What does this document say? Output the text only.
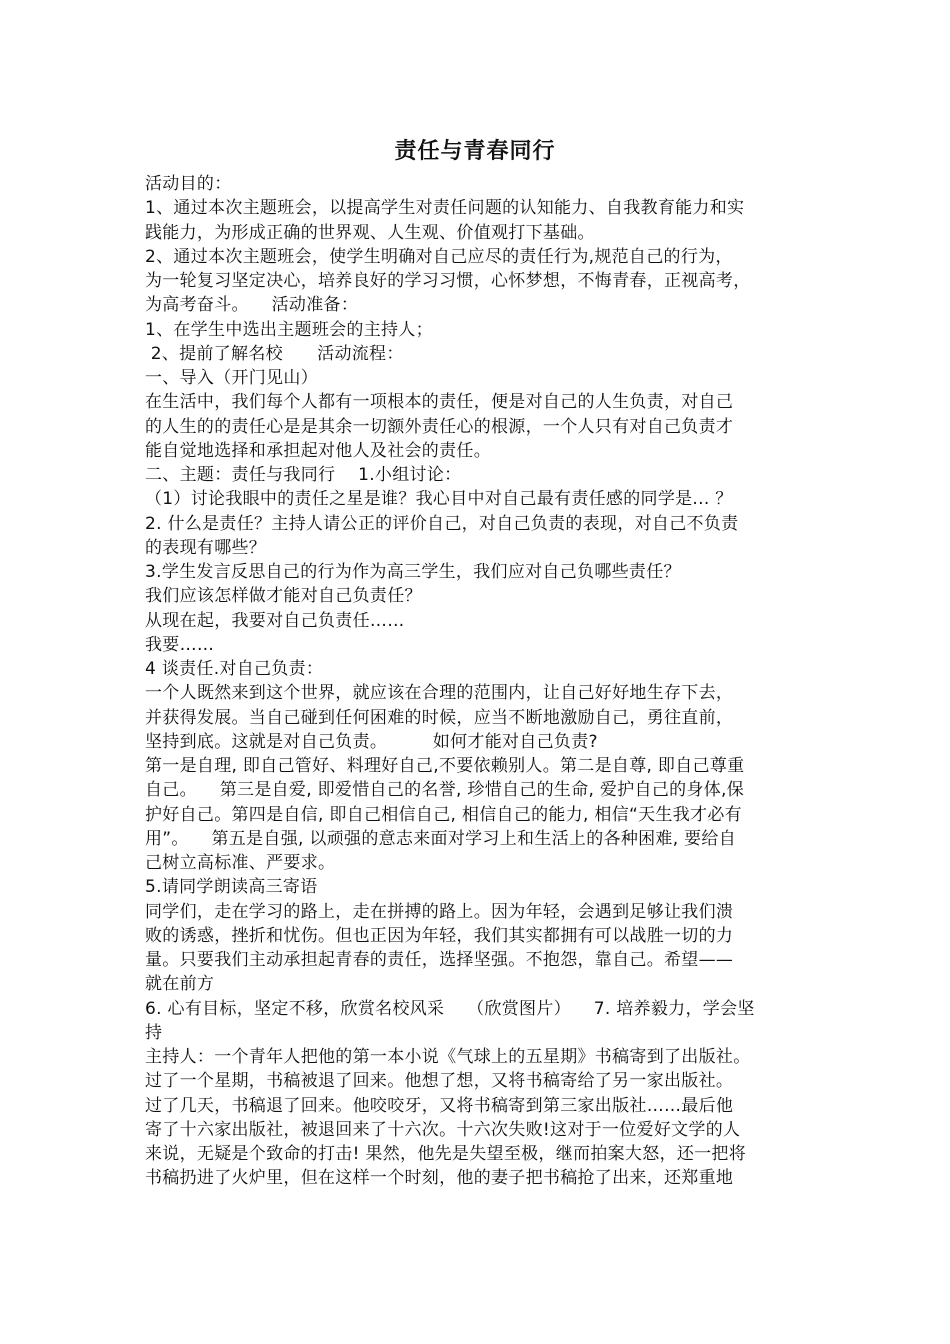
责任与青春同行
活动目的：
1、通过本次主题班会，以提高学生对责任问题的认知能力、自我教育能力和实
践能力，为形成正确的世界观、人生观、价值观打下基础。
2、通过本次主题班会，使学生明确对自己应尽的责任行为,规范自己的行为，
为一轮复习坚定决心，培养良好的学习习惯，心怀梦想，不悔青春，正视高考，
为高考奋斗。    活动准备：
1、在学生中选出主题班会的主持人；
2、提前了解名校      活动流程：
一、导入（开门见山）
在生活中，我们每个人都有一项根本的责任，便是对自己的人生负责，对自己
的人生的的责任心是是其余一切额外责任心的根源，一个人只有对自己负责才
能自觉地选择和承担起对他人及社会的责任。
二、主题：责任与我同行    1.小组讨论：
（1）讨论我眼中的责任之星是谁？我心目中对自己最有责任感的同学是... ？
2. 什么是责任？主持人请公正的评价自己，对自己负责的表现，对自己不负责
的表现有哪些？
3.学生发言反思自己的行为作为高三学生，我们应对自己负哪些责任？
我们应该怎样做才能对自己负责任？
从现在起，我要对自己负责任……
我要……
4 谈责任.对自己负责：
一个人既然来到这个世界，就应该在合理的范围内，让自己好好地生存下去，
并获得发展。当自己碰到任何困难的时候，应当不断地激励自己，勇往直前，
坚持到底。这就是对自己负责。        如何才能对自己负责?
第一是自理, 即自己管好、料理好自己,不要依赖别人。第二是自尊, 即自己尊重
自己。    第三是自爱, 即爱惜自己的名誉, 珍惜自己的生命, 爱护自己的身体,保
护好自己。第四是自信, 即自己相信自己, 相信自己的能力, 相信“天生我才必有
用”。    第五是自强, 以顽强的意志来面对学习上和生活上的各种困难, 要给自
己树立高标准、严要求。
5.请同学朗读高三寄语
同学们，走在学习的路上，走在拼搏的路上。因为年轻，会遇到足够让我们溃
败的诱惑，挫折和忧伤。但也正因为年轻，我们其实都拥有可以战胜一切的力
量。只要我们主动承担起青春的责任，选择坚强。不抱怨，靠自己。希望——
就在前方
6. 心有目标，坚定不移，欣赏名校风采    （欣赏图片）    7. 培养毅力，学会坚
持
主持人：一个青年人把他的第一本小说《气球上的五星期》书稿寄到了出版社。
过了一个星期，书稿被退了回来。他想了想，又将书稿寄给了另一家出版社。
过了几天，书稿退了回来。他咬咬牙，又将书稿寄到第三家出版社……最后他
寄了十六家出版社，被退回来了十六次。十六次失败!这对于一位爱好文学的人
来说，无疑是个致命的打击! 果然，他先是失望至极，继而拍案大怒，还一把将
书稿扔进了火炉里，但在这样一个时刻，他的妻子把书稿抢了出来，还郑重地
